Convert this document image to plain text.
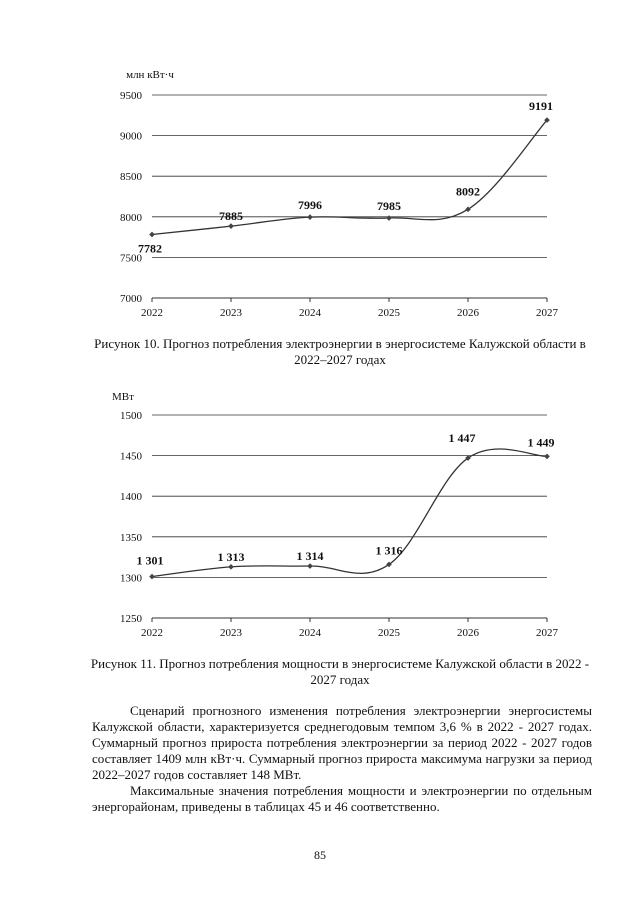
млн кВт·ч
7000
7500
8000
8500
9000
9500
2022	2023	2024	2025	2026	2027
7782
7885
7996	7985
8092
9191
Рисунок 10. Прогноз потребления электроэнергии в энергосистеме Калужской области в 2022–2027 годах
МВт
1250
1300
1350
1400
1450
1500
2022	2023	2024	2025	2026	2027
1 301	1 313	1 314	1 316
1 447	1 449
Рисунок 11. Прогноз потребления мощности в энергосистеме Калужской области в 2022 - 2027 годах

Сценарий прогнозного изменения потребления электроэнергии энергосистемы Калужской области, характеризуется среднегодовым темпом 3,6 % в 2022 - 2027 годах. Суммарный прогноз прироста потребления электроэнергии за период 2022 - 2027 годов составляет 1409 млн кВт·ч. Суммарный прогноз прироста максимума нагрузки за период 2022–2027 годов составляет 148 МВт.

Максимальные значения потребления мощности и электроэнергии по отдельным энергорайонам, приведены в таблицах 45 и 46 соответственно.

85
